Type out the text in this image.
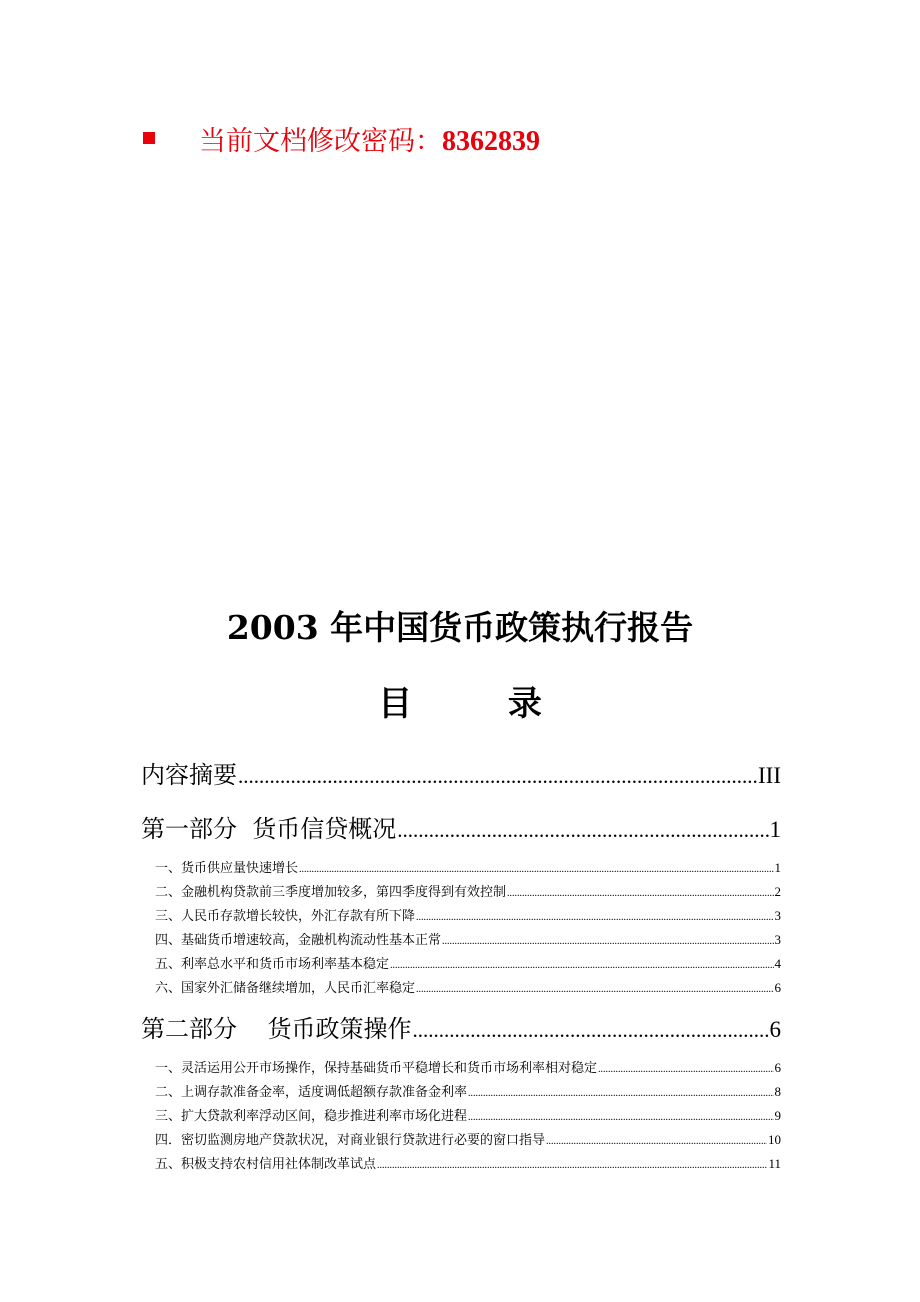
当前文档修改密码：8362839
2003 年中国货币政策执行报告
目 录
内容摘要 .....	III
第一部分  货币信贷概况 .....	1
一、货币供应量快速增长 .....	1
二、金融机构贷款前三季度增加较多，第四季度得到有效控制 .....	2
三、人民币存款增长较快，外汇存款有所下降 .....	3
四、基础货币增速较高，金融机构流动性基本正常 .....	3
五、利率总水平和货币市场利率基本稳定 .....	4
六、国家外汇储备继续增加，人民币汇率稳定 .....	6
第二部分    货币政策操作 .....	6
一、灵活运用公开市场操作，保持基础货币平稳增长和货币市场利率相对稳定 .....	6
二、上调存款准备金率，适度调低超额存款准备金利率 .....	8
三、扩大贷款利率浮动区间，稳步推进利率市场化进程 .....	9
四．密切监测房地产贷款状况，对商业银行贷款进行必要的窗口指导 .....	10
五、积极支持农村信用社体制改革试点 .....	11
